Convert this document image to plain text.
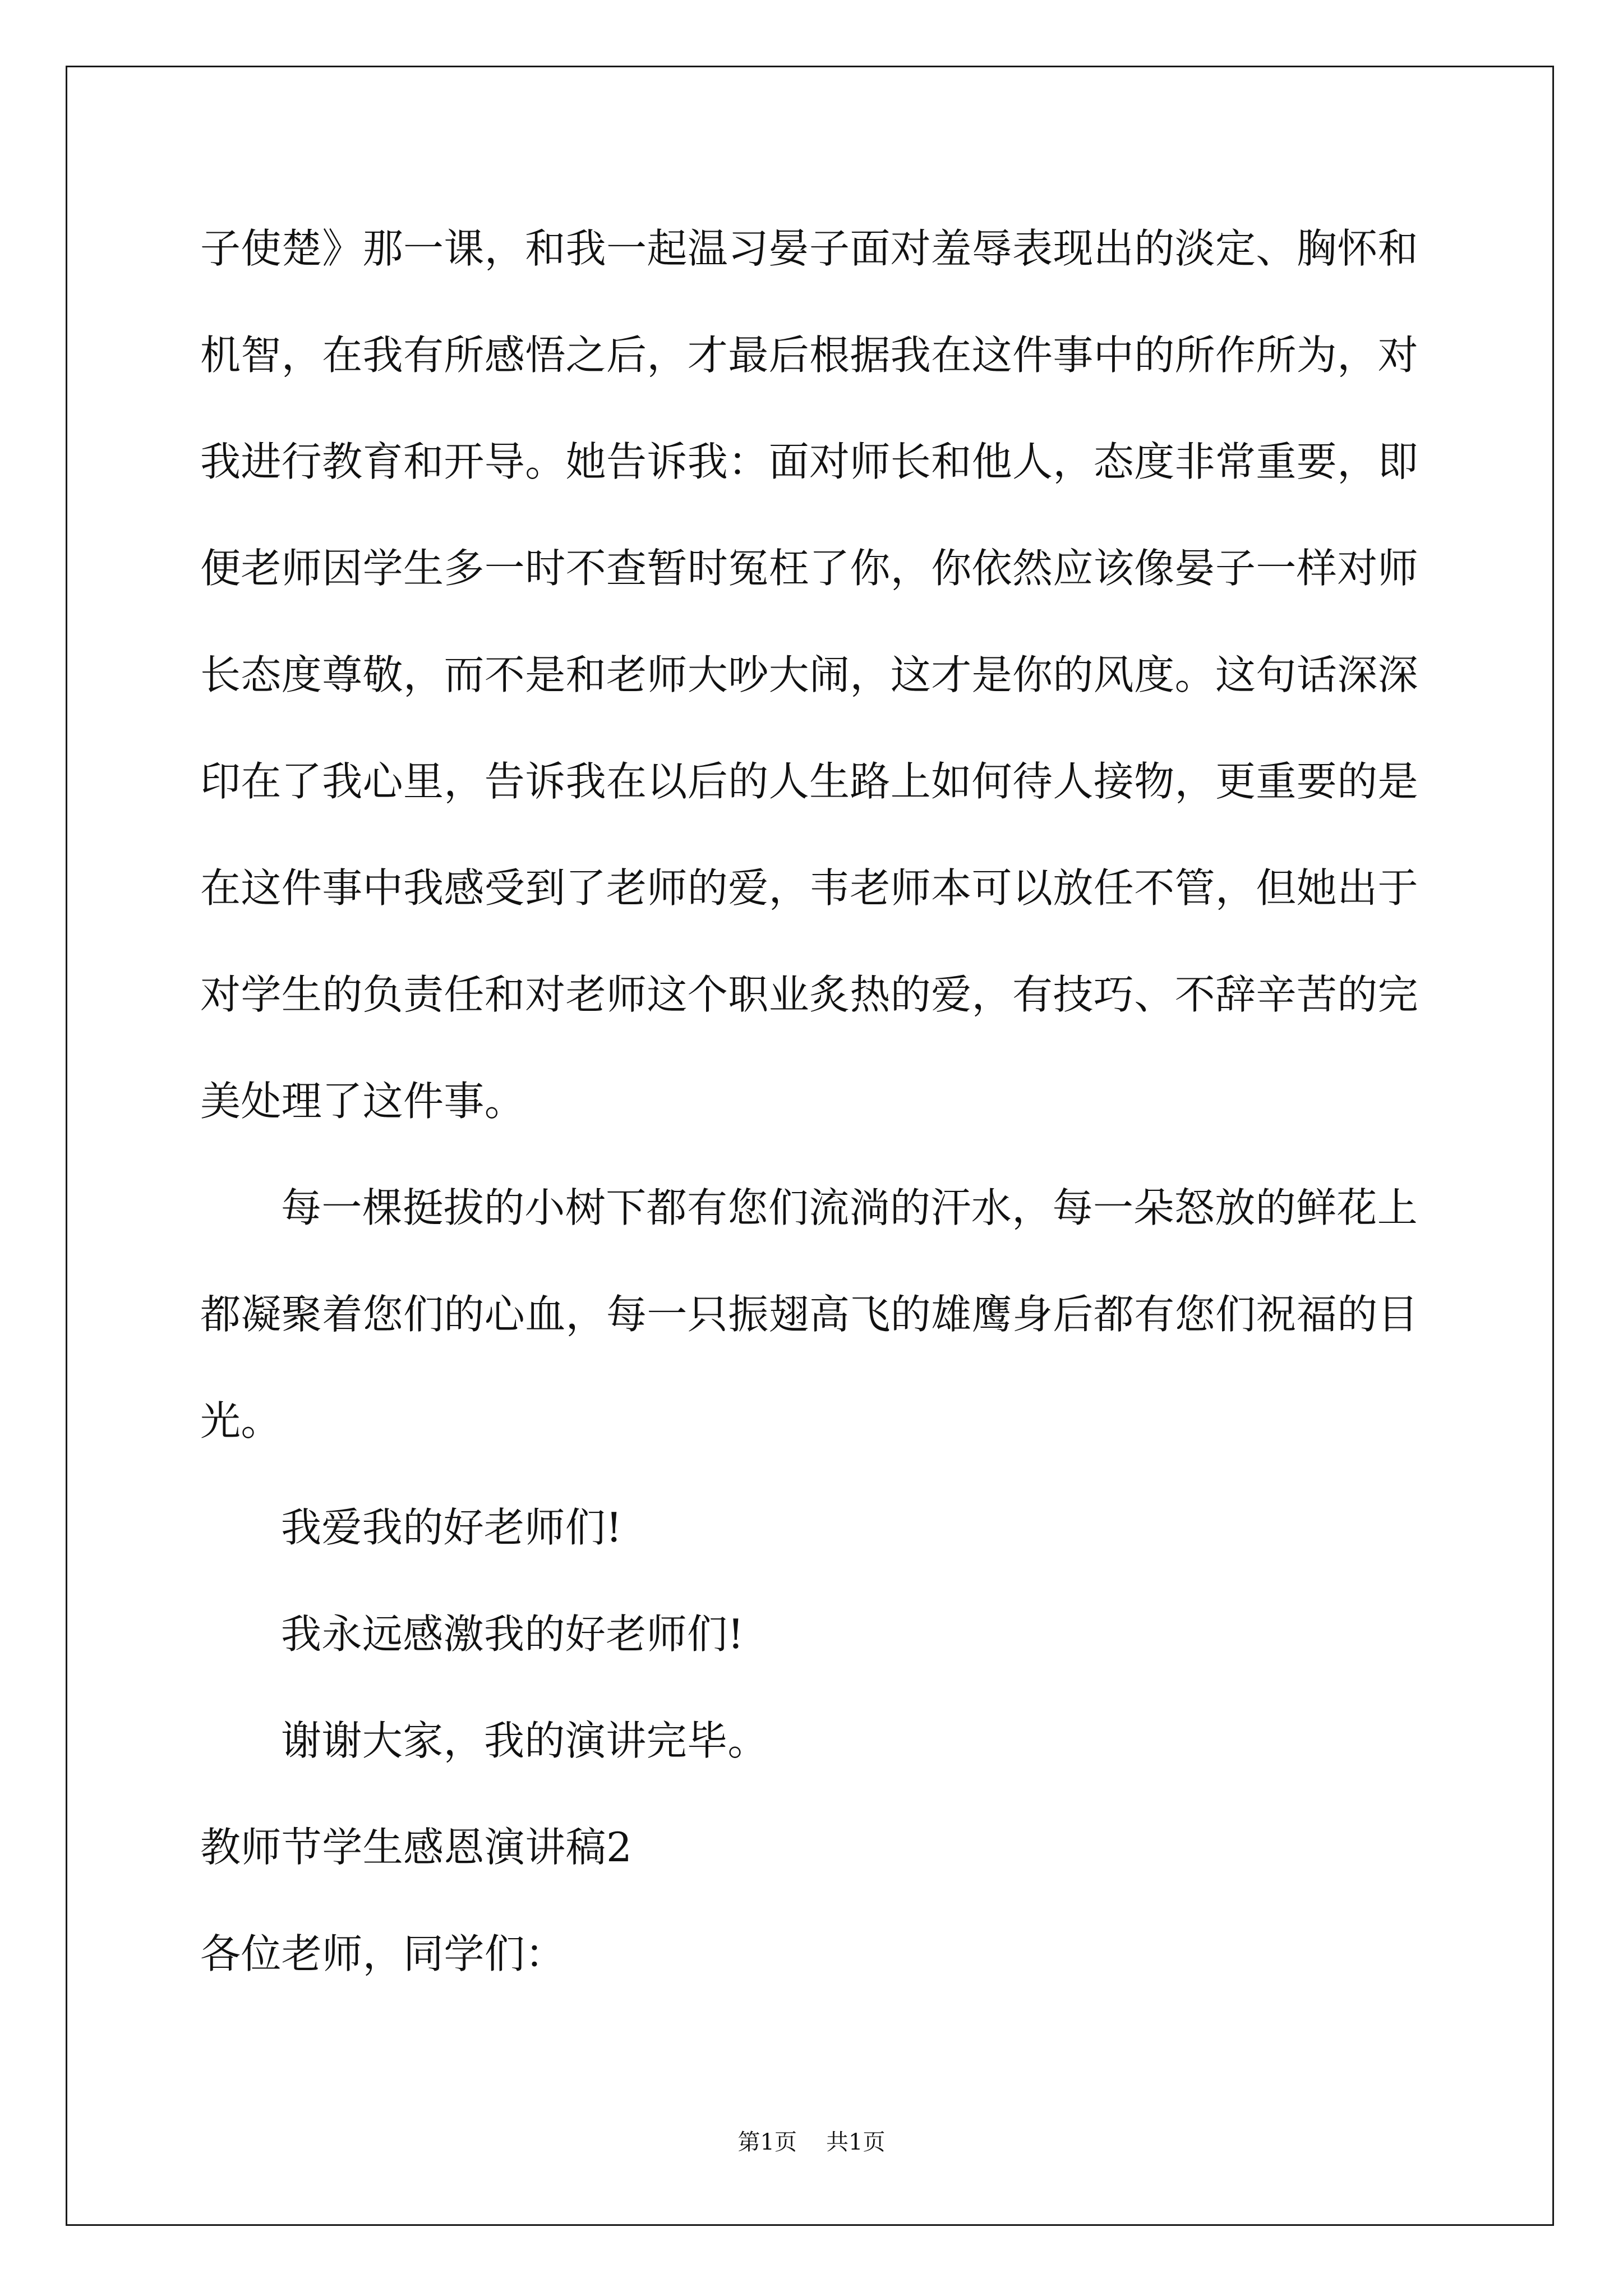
子使楚》那一课，和我一起温习晏子面对羞辱表现出的淡定、胸怀和
机智，在我有所感悟之后，才最后根据我在这件事中的所作所为，对
我进行教育和开导。她告诉我：面对师长和他人，态度非常重要，即
便老师因学生多一时不查暂时冤枉了你，你依然应该像晏子一样对师
长态度尊敬，而不是和老师大吵大闹，这才是你的风度。这句话深深
印在了我心里，告诉我在以后的人生路上如何待人接物，更重要的是
在这件事中我感受到了老师的爱，韦老师本可以放任不管，但她出于
对学生的负责任和对老师这个职业炙热的爱，有技巧、不辞辛苦的完
美处理了这件事。
每一棵挺拔的小树下都有您们流淌的汗水，每一朵怒放的鲜花上
都凝聚着您们的心血，每一只振翅高飞的雄鹰身后都有您们祝福的目
光。
我爱我的好老师们!
我永远感激我的好老师们!
谢谢大家，我的演讲完毕。
教师节学生感恩演讲稿2
各位老师，同学们：
第1页 共1页
